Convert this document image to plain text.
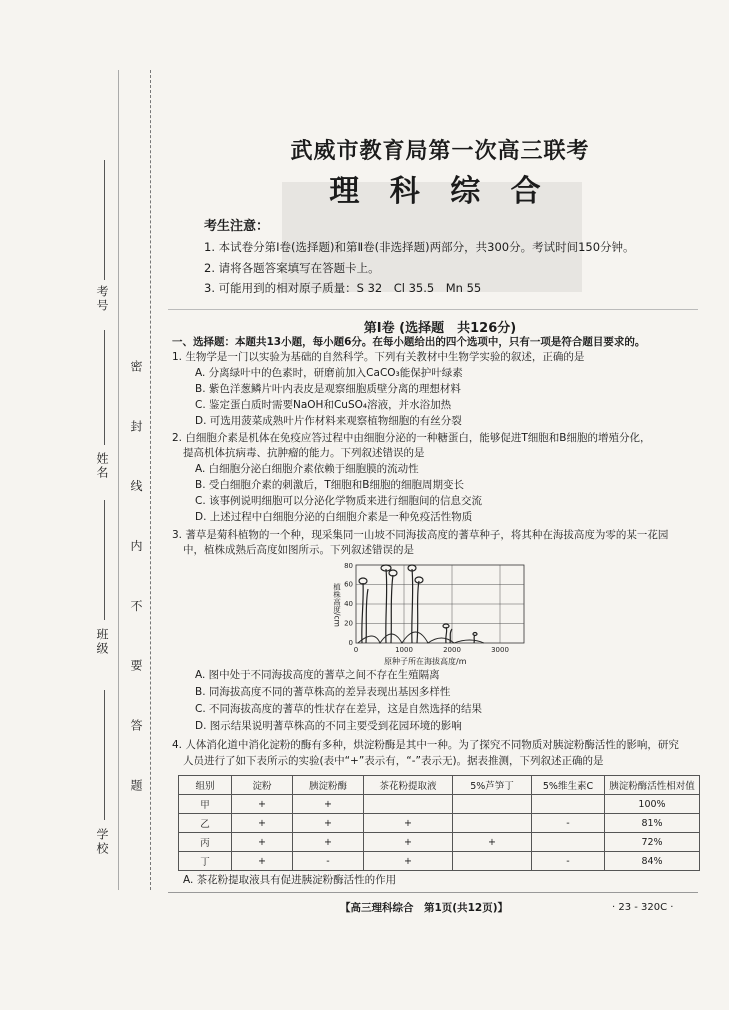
考号
姓名
班级
学校
密 封 线 内 不 要 答 题
武威市教育局第一次高三联考
理 科 综 合
考生注意：
1. 本试卷分第Ⅰ卷(选择题)和第Ⅱ卷(非选择题)两部分，共300分。考试时间150分钟。
2. 请将各题答案填写在答题卡上。
3. 可能用到的相对原子质量：S 32　Cl 35.5　Mn 55
第Ⅰ卷 (选择题　共126分)
一、选择题：本题共13小题，每小题6分。在每小题给出的四个选项中，只有一项是符合题目要求的。
1. 生物学是一门以实验为基础的自然科学。下列有关教材中生物学实验的叙述，正确的是
A. 分离绿叶中的色素时，研磨前加入CaCO₃能保护叶绿素
B. 紫色洋葱鳞片叶内表皮是观察细胞质壁分离的理想材料
C. 鉴定蛋白质时需要NaOH和CuSO₄溶液，并水浴加热
D. 可选用菠菜成熟叶片作材料来观察植物细胞的有丝分裂
2. 白细胞介素是机体在免疫应答过程中由细胞分泌的一种糖蛋白，能够促进T细胞和B细胞的增殖分化，
提高机体抗病毒、抗肿瘤的能力。下列叙述错误的是
A. 白细胞分泌白细胞介素依赖于细胞膜的流动性
B. 受白细胞介素的刺激后，T细胞和B细胞的细胞周期变长
C. 该事例说明细胞可以分泌化学物质来进行细胞间的信息交流
D. 上述过程中白细胞分泌的白细胞介素是一种免疫活性物质
3. 蓍草是菊科植物的一个种，现采集同一山坡不同海拔高度的蓍草种子，将其种在海拔高度为零的某一花园
中，植株成熟后高度如图所示。下列叙述错误的是
0
20
40
60
80
0	1000	2000	3000
原种子所在海拔高度/m
植株高度/cm
A. 图中处于不同海拔高度的蓍草之间不存在生殖隔离
B. 同海拔高度不同的蓍草株高的差异表现出基因多样性
C. 不同海拔高度的蓍草的性状存在差异，这是自然选择的结果
D. 图示结果说明蓍草株高的不同主要受到花园环境的影响
4. 人体消化道中消化淀粉的酶有多种，烘淀粉酶是其中一种。为了探究不同物质对胰淀粉酶活性的影响，研究
人员进行了如下表所示的实验(表中“+”表示有，“-”表示无)。据表推测，下列叙述正确的是
组别	淀粉	胰淀粉酶	茶花粉提取液	5%芦笋丁	5%维生素C	胰淀粉酶活性相对值
甲	+	+				100%
乙	+	+	+		-	81%
丙	+	+	+	+		72%
丁	+	-	+		-	84%
A. 茶花粉提取液具有促进胰淀粉酶活性的作用
【高三理科综合　第1页(共12页)】	· 23 - 320C ·
